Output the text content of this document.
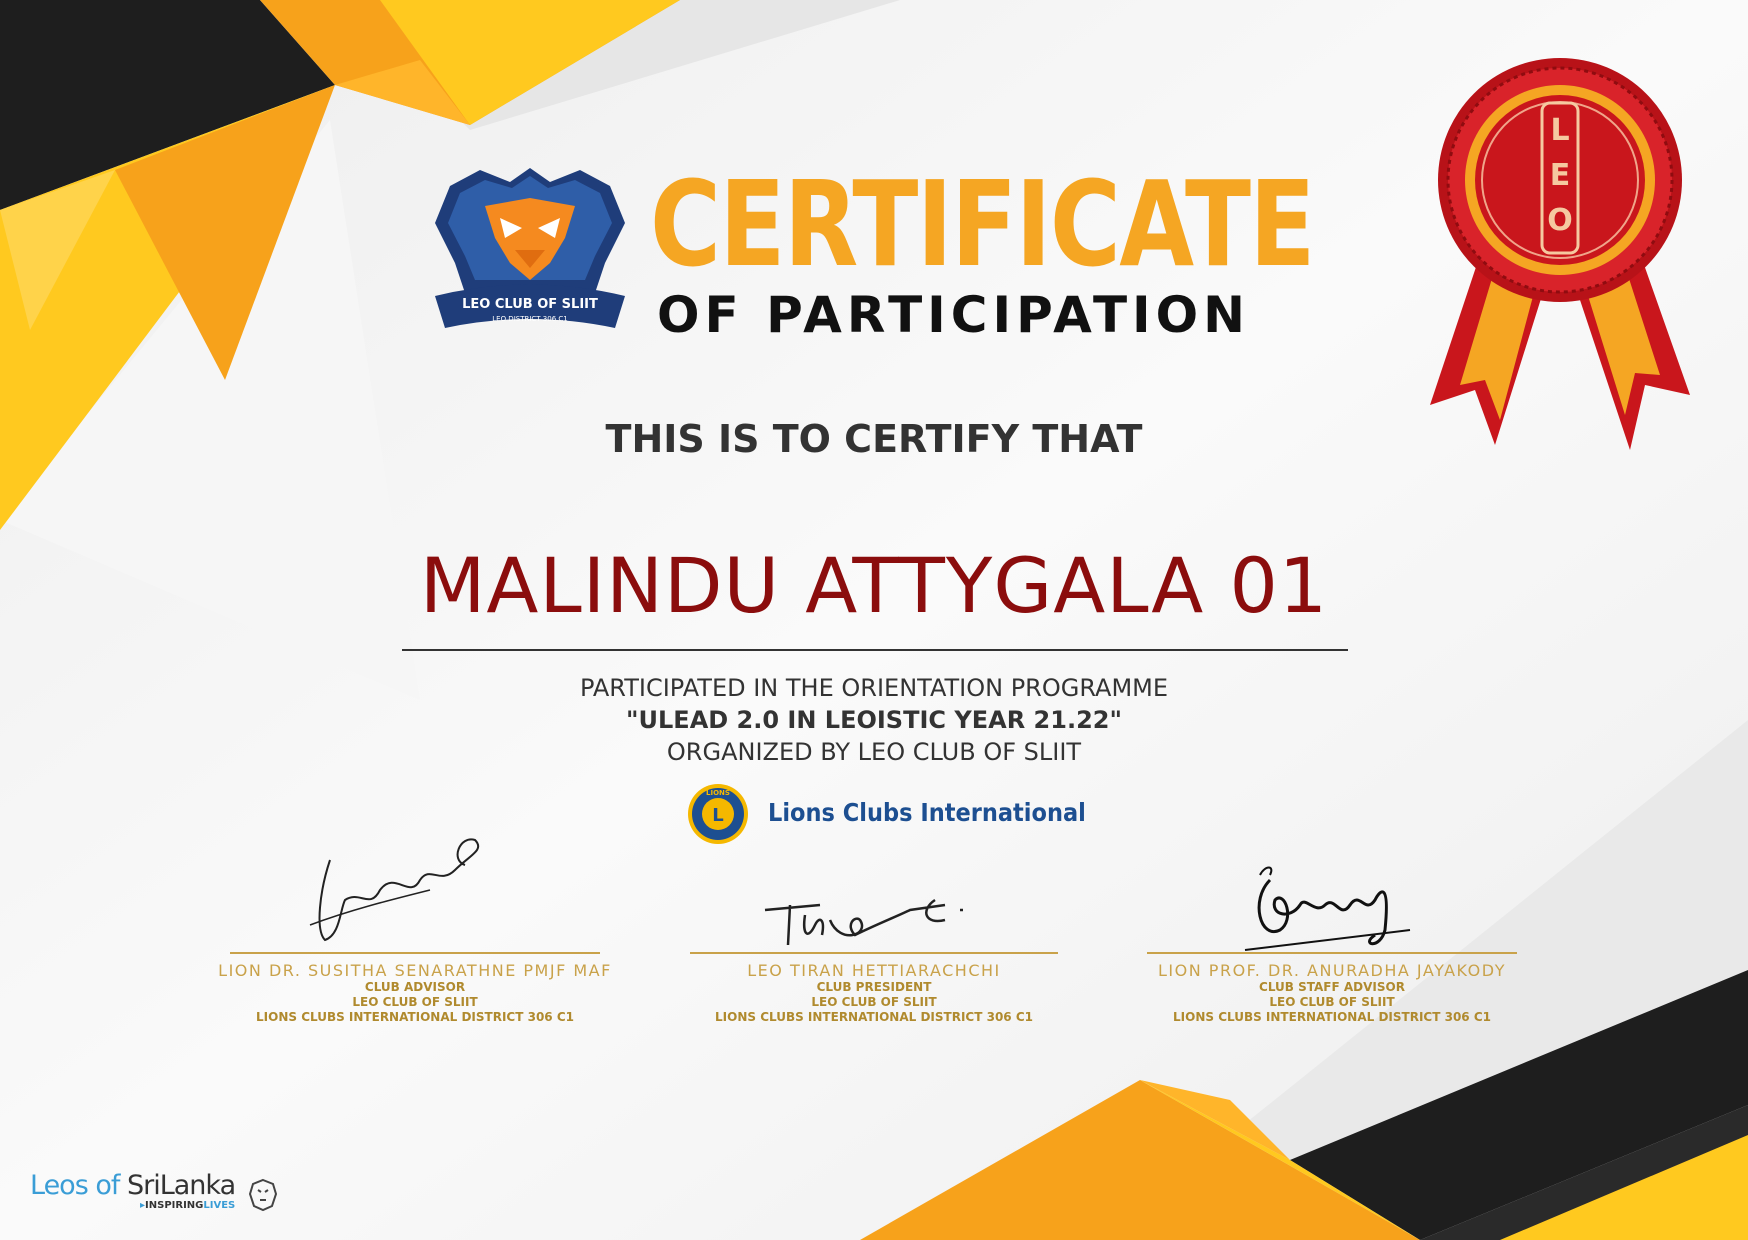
LEO CLUB OF SLIIT
LEO DISTRICT 306 C1
CERTIFICATE
OF PARTICIPATION
L
E
O
THIS IS TO CERTIFY THAT
MALINDU ATTYGALA 01
PARTICIPATED IN THE ORIENTATION PROGRAMME
"ULEAD 2.0 IN LEOISTIC YEAR 21.22"
ORGANIZED BY LEO CLUB OF SLIIT
L
LIONS
Lions Clubs International
LION DR. SUSITHA SENARATHNE PMJF MAF
CLUB ADVISOR
LEO CLUB OF SLIIT
LIONS CLUBS INTERNATIONAL DISTRICT 306 C1
LEO TIRAN HETTIARACHCHI
CLUB PRESIDENT
LEO CLUB OF SLIIT
LIONS CLUBS INTERNATIONAL DISTRICT 306 C1
LION PROF. DR. ANURADHA JAYAKODY
CLUB STAFF ADVISOR
LEO CLUB OF SLIIT
LIONS CLUBS INTERNATIONAL DISTRICT 306 C1
Leos of SriLanka
▸INSPIRINGLIVES
